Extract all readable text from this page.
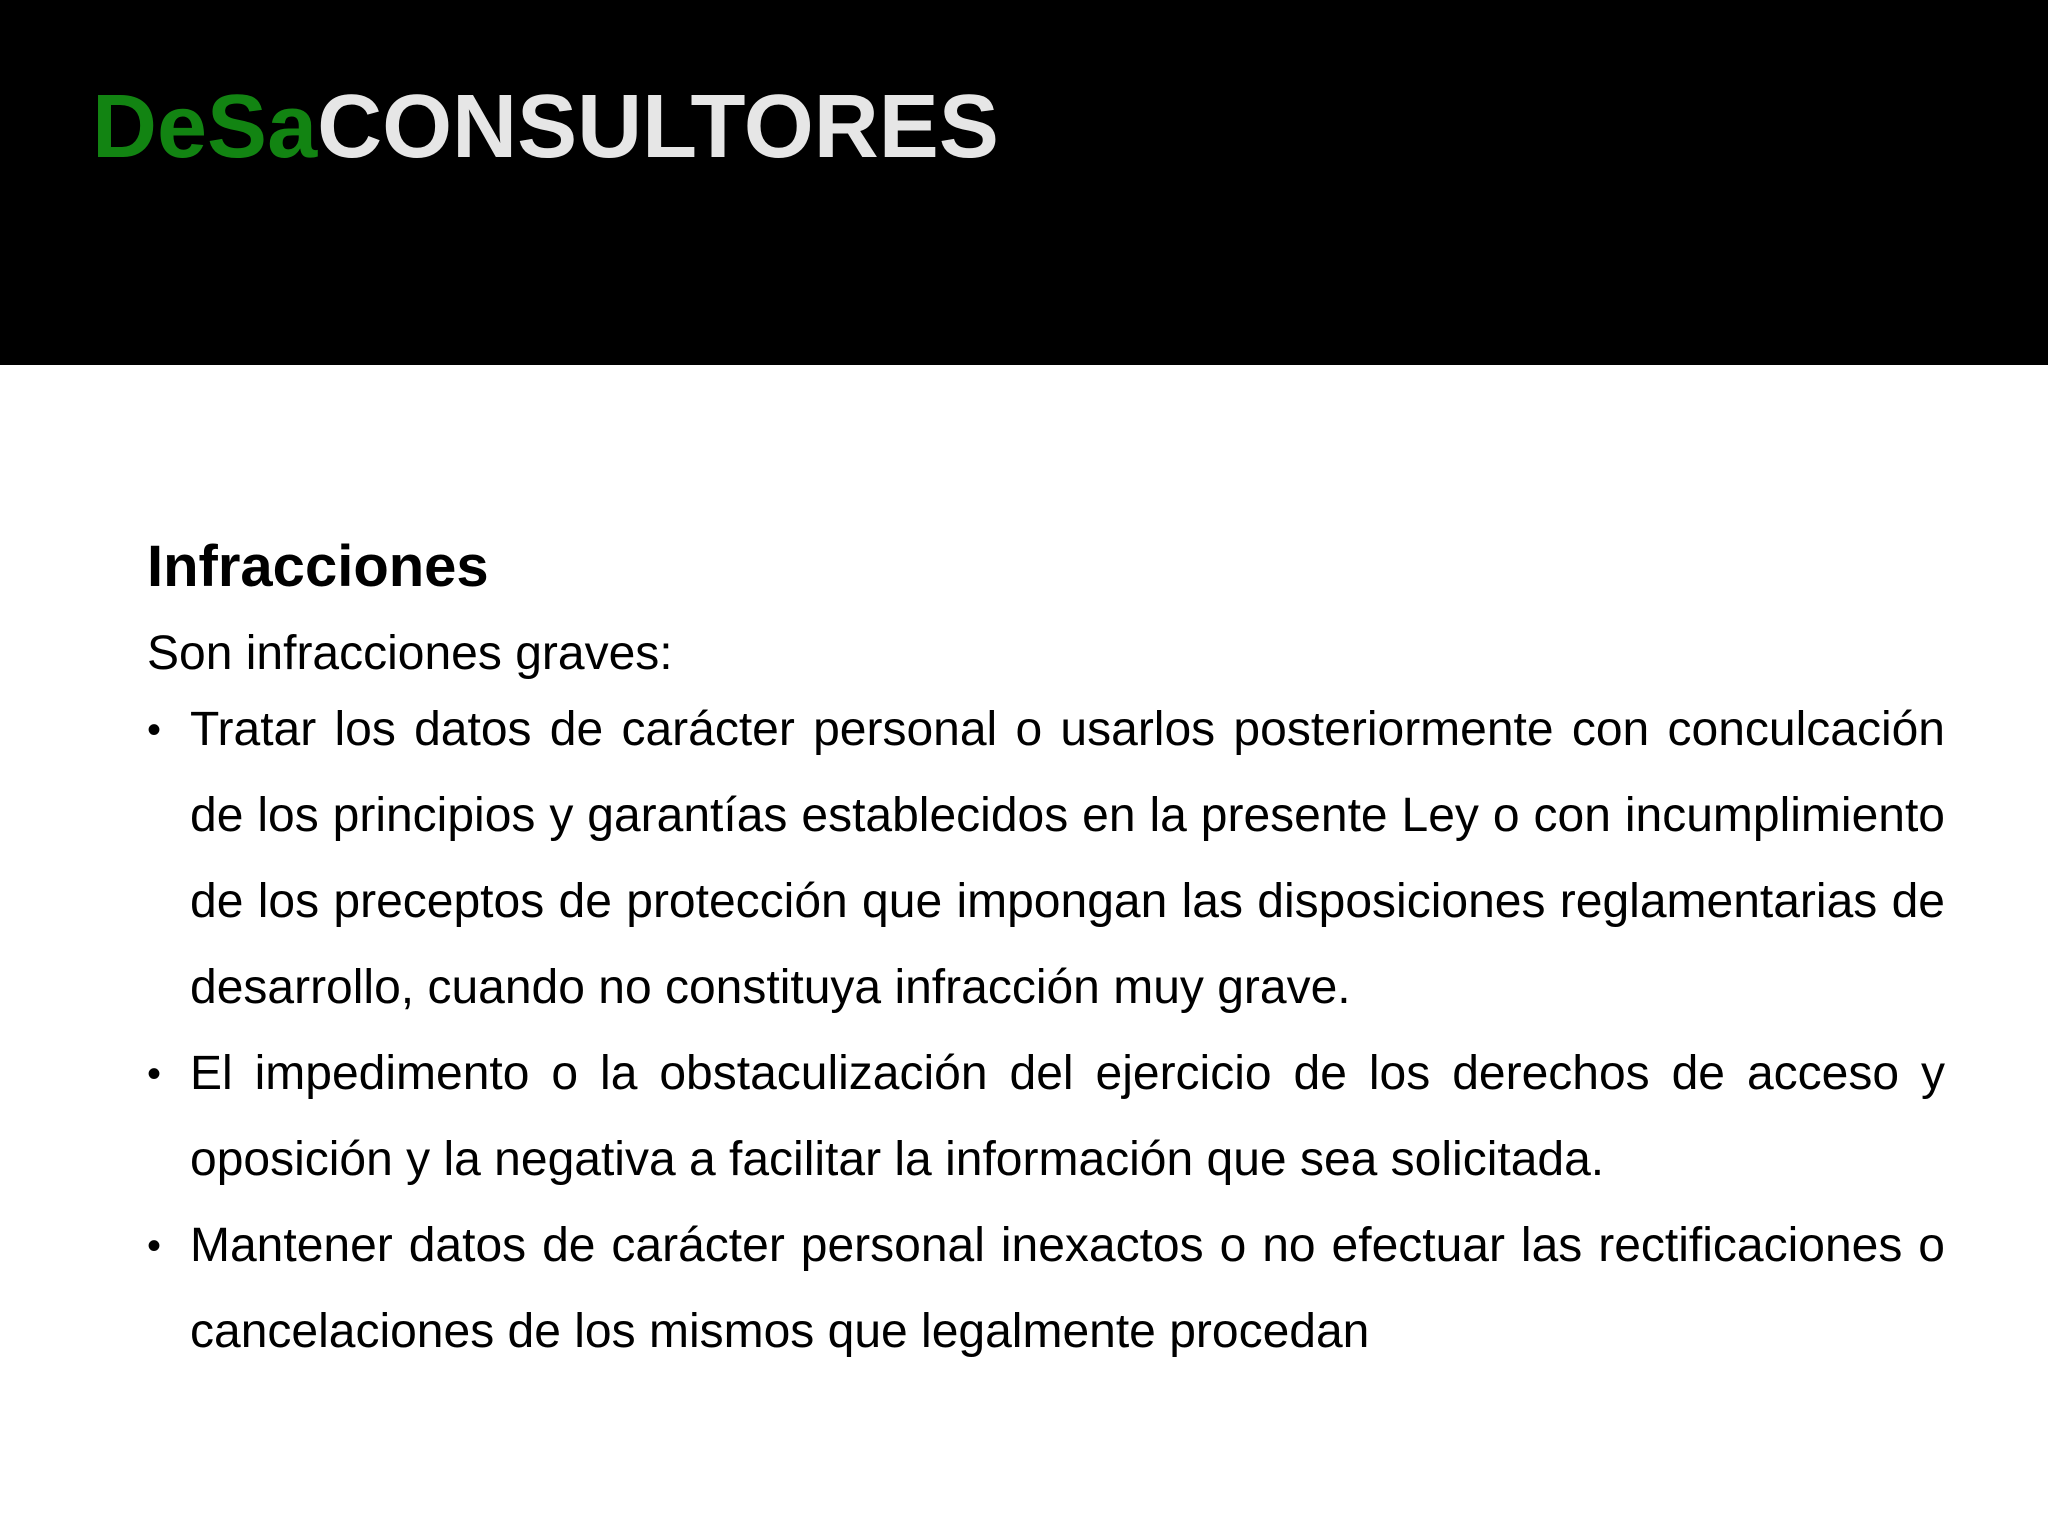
DeSaCONSULTORES
Infracciones

Son infracciones graves:

• Tratar los datos de carácter personal o usarlos posteriormente con conculcación de los principios y garantías establecidos en la presente Ley o con incumplimiento de los preceptos de protección que impongan las disposiciones reglamentarias de desarrollo, cuando no constituya infracción muy grave.
• El impedimento o la obstaculización del ejercicio de los derechos de acceso y oposición y la negativa a facilitar la información que sea solicitada.
• Mantener datos de carácter personal inexactos o no efectuar las rectificaciones o cancelaciones de los mismos que legalmente procedan
